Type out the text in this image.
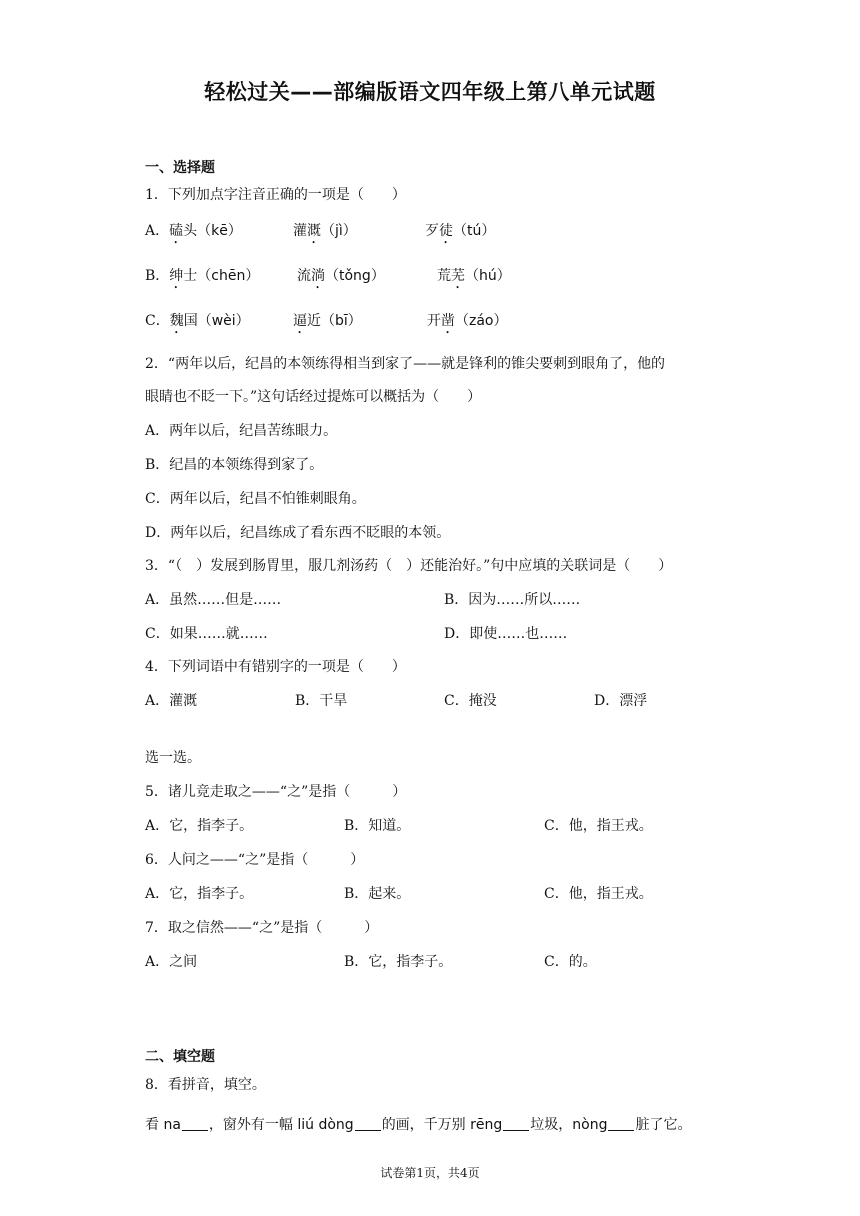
轻松过关——部编版语文四年级上第八单元试题
一、选择题
1．下列加点字注音正确的一项是（　　）
A．磕头（kē）	灌溉（jì）	歹徒（tú）
B．绅士（chēn）	流淌（tǒng）	荒芜（hú）
C．魏国（wèi）	逼近（bī）	开凿（záo）
2．“两年以后，纪昌的本领练得相当到家了——就是锋利的锥尖要刺到眼角了，他的
眼睛也不眨一下。”这句话经过提炼可以概括为（　　）
A．两年以后，纪昌苦练眼力。
B．纪昌的本领练得到家了。
C．两年以后，纪昌不怕锥刺眼角。
D．两年以后，纪昌练成了看东西不眨眼的本领。
3．“（　）发展到肠胃里，服几剂汤药（　）还能治好。”句中应填的关联词是（　　）
A．虽然……但是……	B．因为……所以……
C．如果……就……	D．即使……也……
4．下列词语中有错别字的一项是（　　）
A．灌溉	B．干旱	C．掩没	D．漂浮
选一选。
5．诸儿竞走取之——“之”是指（　　　）
A．它，指李子。	B．知道。	C．他，指王戎。
6．人问之——“之”是指（　　　）
A．它，指李子。	B．起来。	C．他，指王戎。
7．取之信然——“之”是指（　　　）
A．之间	B．它，指李子。	C．的。
二、填空题
8．看拼音，填空。
看 na ，窗外有一幅 liú dòng 的画，千万别 rēng 垃圾，nòng 脏了它。
试卷第1页，共4页
